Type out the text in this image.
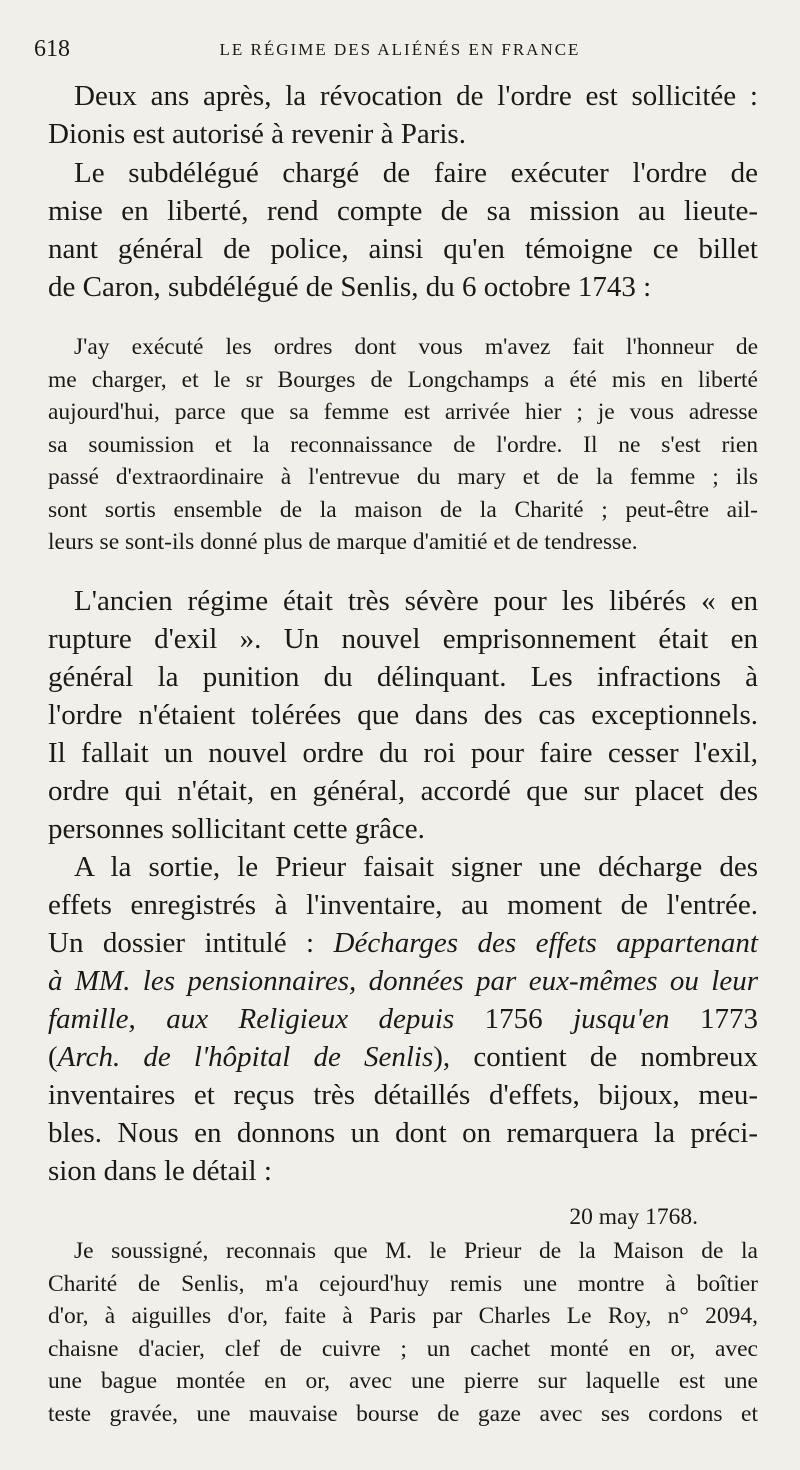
618	LE RÉGIME DES ALIÉNÉS EN FRANCE
Deux ans après, la révocation de l'ordre est sollicitée :
Dionis est autorisé à revenir à Paris.
Le subdélégué chargé de faire exécuter l'ordre de
mise en liberté, rend compte de sa mission au lieute-
nant général de police, ainsi qu'en témoigne ce billet
de Caron, subdélégué de Senlis, du 6 octobre 1743 :
J'ay exécuté les ordres dont vous m'avez fait l'honneur de
me charger, et le sr Bourges de Longchamps a été mis en liberté
aujourd'hui, parce que sa femme est arrivée hier ; je vous adresse
sa soumission et la reconnaissance de l'ordre. Il ne s'est rien
passé d'extraordinaire à l'entrevue du mary et de la femme ; ils
sont sortis ensemble de la maison de la Charité ; peut-être ail-
leurs se sont-ils donné plus de marque d'amitié et de tendresse.
L'ancien régime était très sévère pour les libérés « en
rupture d'exil ». Un nouvel emprisonnement était en
général la punition du délinquant. Les infractions à
l'ordre n'étaient tolérées que dans des cas exceptionnels.
Il fallait un nouvel ordre du roi pour faire cesser l'exil,
ordre qui n'était, en général, accordé que sur placet des
personnes sollicitant cette grâce.
A la sortie, le Prieur faisait signer une décharge des
effets enregistrés à l'inventaire, au moment de l'entrée.
Un dossier intitulé : Décharges des effets appartenant
à MM. les pensionnaires, données par eux-mêmes ou leur
famille, aux Religieux depuis 1756 jusqu'en 1773
(Arch. de l'hôpital de Senlis), contient de nombreux
inventaires et reçus très détaillés d'effets, bijoux, meu-
bles. Nous en donnons un dont on remarquera la préci-
sion dans le détail :
20 may 1768.
Je soussigné, reconnais que M. le Prieur de la Maison de la
Charité de Senlis, m'a cejourd'huy remis une montre à boîtier
d'or, à aiguilles d'or, faite à Paris par Charles Le Roy, n° 2094,
chaisne d'acier, clef de cuivre ; un cachet monté en or, avec
une bague montée en or, avec une pierre sur laquelle est une
teste gravée, une mauvaise bourse de gaze avec ses cordons et
